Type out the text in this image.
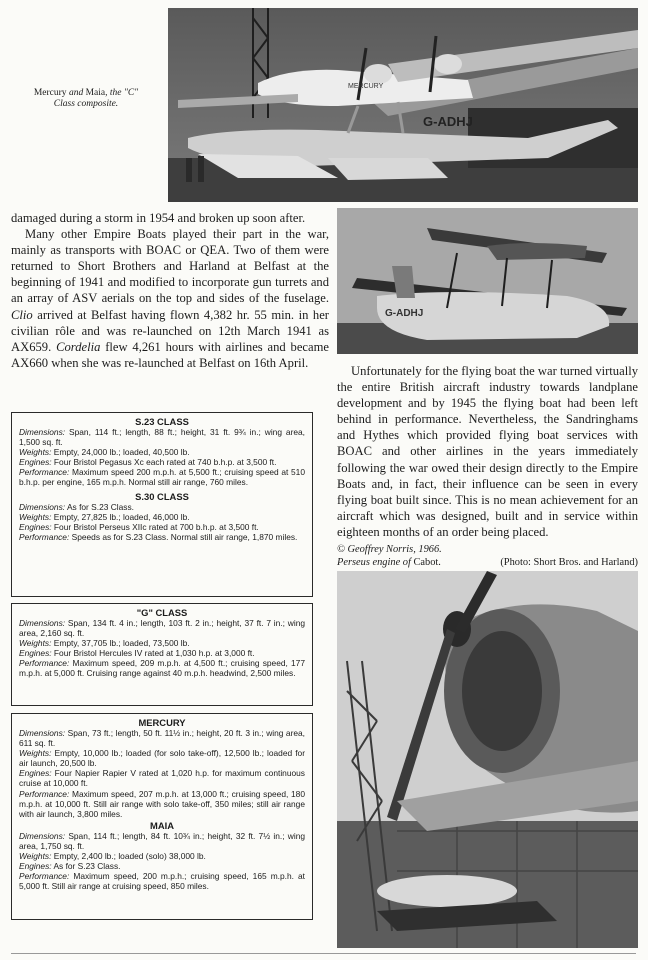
MERCURY
G-ADHJ
Mercury and Maia, the "C"
Class composite.
G-ADHJ

damaged during a storm in 1954 and broken up soon after.

Many other Empire Boats played their part in the war, mainly as transports with BOAC or QEA. Two of them were returned to Short Brothers and Harland at Belfast at the beginning of 1941 and modified to incorporate gun turrets and an array of ASV aerials on the top and sides of the fuselage. Clio arrived at Belfast having flown 4,382 hr. 55 min. in her civilian rôle and was re-launched on 12th March 1941 as AX659. Cordelia flew 4,261 hours with airlines and became AX660 when she was re-launched at Belfast on 16th April.

S.23 CLASS
Dimensions: Span, 114 ft.; length, 88 ft.; height, 31 ft. 9¾ in.; wing area, 1,500 sq. ft.
Weights: Empty, 24,000 lb.; loaded, 40,500 lb.
Engines: Four Bristol Pegasus Xc each rated at 740 b.h.p. at 3,500 ft.
Performance: Maximum speed 200 m.p.h. at 5,500 ft.; cruising speed at 510 b.h.p. per engine, 165 m.p.h. Normal still air range, 760 miles.
S.30 CLASS
Dimensions: As for S.23 Class.
Weights: Empty, 27,825 lb.; loaded, 46,000 lb.
Engines: Four Bristol Perseus XIIc rated at 700 b.h.p. at 3,500 ft.
Performance: Speeds as for S.23 Class. Normal still air range, 1,870 miles.
"G" CLASS
Dimensions: Span, 134 ft. 4 in.; length, 103 ft. 2 in.; height, 37 ft. 7 in.; wing area, 2,160 sq. ft.
Weights: Empty, 37,705 lb.; loaded, 73,500 lb.
Engines: Four Bristol Hercules IV rated at 1,030 h.p. at 3,000 ft.
Performance: Maximum speed, 209 m.p.h. at 4,500 ft.; cruising speed, 177 m.p.h. at 5,000 ft. Cruising range against 40 m.p.h. headwind, 2,500 miles.
MERCURY
Dimensions: Span, 73 ft.; length, 50 ft. 11½ in.; height, 20 ft. 3 in.; wing area, 611 sq. ft.
Weights: Empty, 10,000 lb.; loaded (for solo take-off), 12,500 lb.; loaded for air launch, 20,500 lb.
Engines: Four Napier Rapier V rated at 1,020 h.p. for maximum continuous cruise at 10,000 ft.
Performance: Maximum speed, 207 m.p.h. at 13,000 ft.; cruising speed, 180 m.p.h. at 10,000 ft. Still air range with solo take-off, 350 miles; still air range with air launch, 3,800 miles.
MAIA
Dimensions: Span, 114 ft.; length, 84 ft. 10¾ in.; height, 32 ft. 7½ in.; wing area, 1,750 sq. ft.
Weights: Empty, 2,400 lb.; loaded (solo) 38,000 lb.
Engines: As for S.23 Class.
Performance: Maximum speed, 200 m.p.h.; cruising speed, 165 m.p.h. at 5,000 ft. Still air range at cruising speed, 850 miles.

Unfortunately for the flying boat the war turned virtually the entire British aircraft industry towards landplane development and by 1945 the flying boat had been left behind in performance. Nevertheless, the Sandringhams and Hythes which provided flying boat services with BOAC and other airlines in the years immediately following the war owed their design directly to the Empire Boats and, in fact, their influence can be seen in every flying boat built since. This is no mean achievement for an aircraft which was designed, built and in service within eighteen months of an order being placed.

© Geoffrey Norris, 1966.

Perseus engine of Cabot.	(Photo: Short Bros. and Harland)
